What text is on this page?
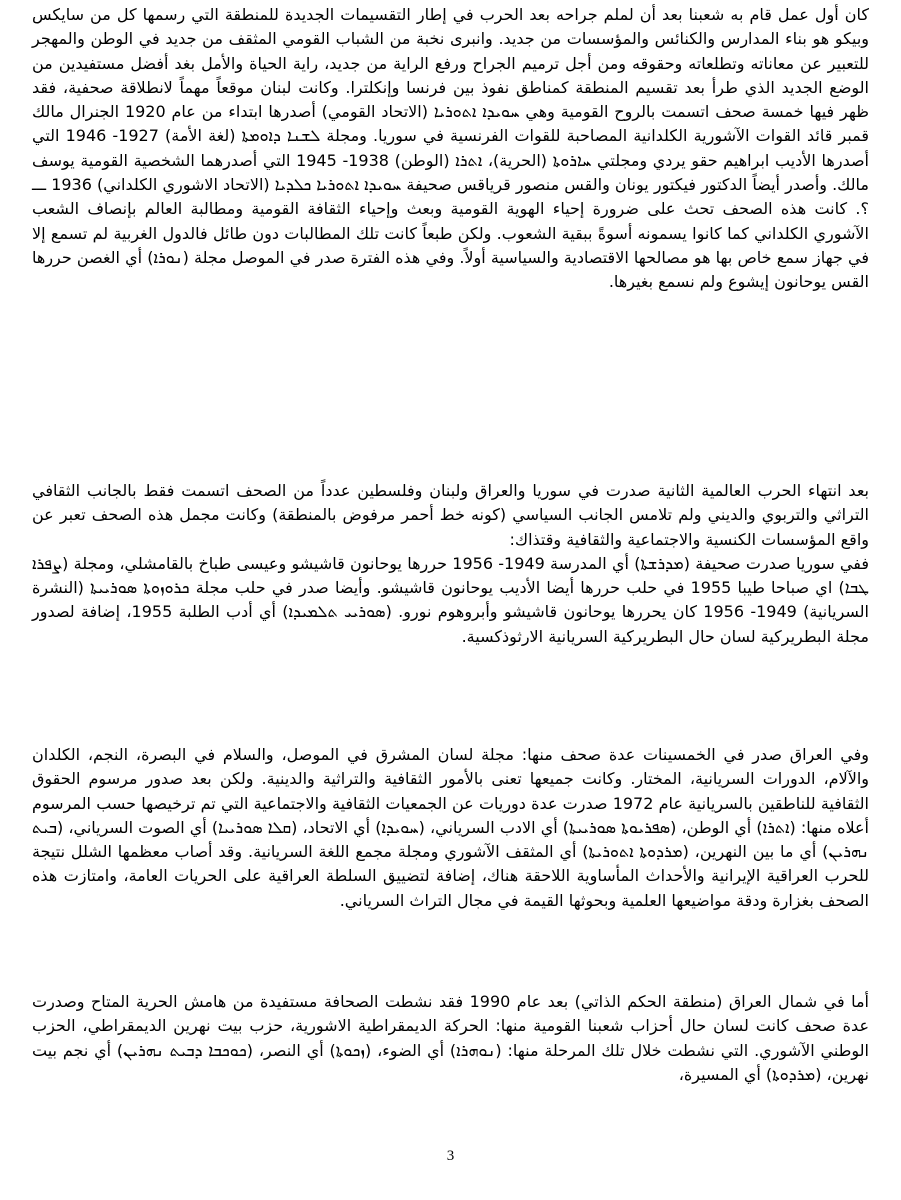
كان أول عمل قام به شعبنا بعد أن لملم جراحه بعد الحرب في إطار التقسيمات الجديدة للمنطقة التي رسمها كل من سايكس وبيكو هو بناء المدارس والكنائس والمؤسسات من جديد. وانبرى نخبة من الشباب القومي المثقف من جديد في الوطن والمهجر للتعبير عن معاناته وتطلعاته وحقوقه ومن أجل ترميم الجراح ورفع الراية من جديد، راية الحياة والأمل بغد أفضل مستفيدين من الوضع الجديد الذي طرأ بعد تقسيم المنطقة كمناطق نفوذ بين فرنسا وإنكلترا. وكانت لبنان موقعاً مهماً لانطلاقة صحفية، فقد ظهر فيها خمسة صحف اتسمت بالروح القومية وهي ܚܘܝܕܐ ܐܬܘܪܝܐ (الاتحاد القومي) أصدرها ابتداء من عام 1920 الجنرال مالك قمبر قائد القوات الآشورية الكلدانية المصاحبة للقوات الفرنسية في سوريا. ومجلة ܠܫܢܐ ܕܐܘܡܬܐ (لغة الأمة) 1927- 1946 التي أصدرها الأديب ابراهيم حقو يردي ومجلتي ܚܐܪܘܬܐ (الحرية)، ܐܬܪܐ (الوطن) 1938- 1945 التي أصدرهما الشخصية القومية يوسف مالك. وأصدر أيضاً الدكتور فيكتور يونان والقس منصور قرياقس صحيفة ܚܘܝܕܐ ܐܬܘܪܝܐ ܟܠܕܝܐ (الاتحاد الاشوري الكلداني) 1936 ـــ ؟. كانت هذه الصحف تحث على ضرورة إحياء الهوية القومية وبعث وإحياء الثقافة القومية ومطالبة العالم بإنصاف الشعب الآشوري الكلداني كما كانوا يسمونه أسوةً ببقية الشعوب. ولكن طبعاً كانت تلك المطالبات دون طائل فالدول الغربية لم تسمع إلا في جهاز سمع خاص بها هو مصالحها الاقتصادية والسياسية أولاً. وفي هذه الفترة صدر في الموصل مجلة (ܢܘܪܐ) أي الغصن حررها القس يوحانون إيشوع ولم نسمع بغيرها.
بعد انتهاء الحرب العالمية الثانية صدرت في سوريا والعراق ولبنان وفلسطين عدداً من الصحف اتسمت فقط بالجانب الثقافي التراثي والتربوي والديني ولم تلامس الجانب السياسي (كونه خط أحمر مرفوض بالمنطقة) وكانت مجمل هذه الصحف تعبر عن واقع المؤسسات الكنسية والاجتماعية والثقافية وقتذاك:
ففي سوريا صدرت صحيفة (ܡܕܪܫܬܐ) أي المدرسة 1949- 1956 حررها يوحانون قاشيشو وعيسى طباخ بالقامشلي، ومجلة (ܨܦܪܐ ܛܒܐ) اي صباحا طيبا 1955 في حلب حررها أيضا الأديب يوحانون قاشيشو. وأيضا صدر في حلب مجلة ܟܪܘܙܘܬܐ ܣܘܪܝܝܬܐ (النشرة السريانية) 1949- 1956 كان يحررها يوحانون قاشيشو وأبروهوم نورو. (ܣܘܪܝܝ ܬܠܡܝܕܐ) أي أدب الطلبة 1955، إضافة لصدور مجلة البطريركية لسان حال البطريركية السريانية الارثوذكسية.
وفي العراق صدر في الخمسينات عدة صحف منها: مجلة لسان المشرق في الموصل، والسلام في البصرة، النجم، الكلدان والآلام، الدورات السريانية، المختار. وكانت جميعها تعنى بالأمور الثقافية والتراثية والدينية. ولكن بعد صدور مرسوم الحقوق الثقافية للناطقين بالسريانية عام 1972 صدرت عدة دوريات عن الجمعيات الثقافية والاجتماعية التي تم ترخيصها حسب المرسوم أعلاه منها: (ܐܬܪܐ) أي الوطن، (ܣܦܪܝܘܬܐ ܣܘܪܝܝܬܐ) أي الادب السرياني، (ܚܘܝܕܐ) أي الاتحاد، (ܩܠܐ ܣܘܪܝܝܐ) أي الصوت السرياني، (ܒܝܬ ܢܗܪܝܢ) أي ما بين النهرين، (ܡܪܕܘܬܐ ܐܬܘܪܝܬܐ) أي المثقف الآشوري ومجلة مجمع اللغة السريانية. وقد أصاب معظمها الشلل نتيجة للحرب العراقية الإيرانية والأحداث المأساوية اللاحقة هناك، إضافة لتضييق السلطة العراقية على الحريات العامة، وامتازت هذه الصحف بغزارة ودقة مواضيعها العلمية وبحوثها القيمة في مجال التراث السرياني.
أما في شمال العراق (منطقة الحكم الذاتي) بعد عام 1990 فقد نشطت الصحافة مستفيدة من هامش الحرية المتاح وصدرت عدة صحف كانت لسان حال أحزاب شعبنا القومية منها: الحركة الديمقراطية الاشورية، حزب بيت نهرين الديمقراطي، الحزب الوطني الآشوري. التي نشطت خلال تلك المرحلة منها: (ܢܘܗܪܐ) أي الضوء، (ܙܟܘܬܐ) أي النصر، (ܟܘܟܒܐ ܕܒܝܬ ܢܗܪܝܢ) أي نجم بيت نهرين، (ܡܪܕܘܬܐ) أي المسيرة،
3
